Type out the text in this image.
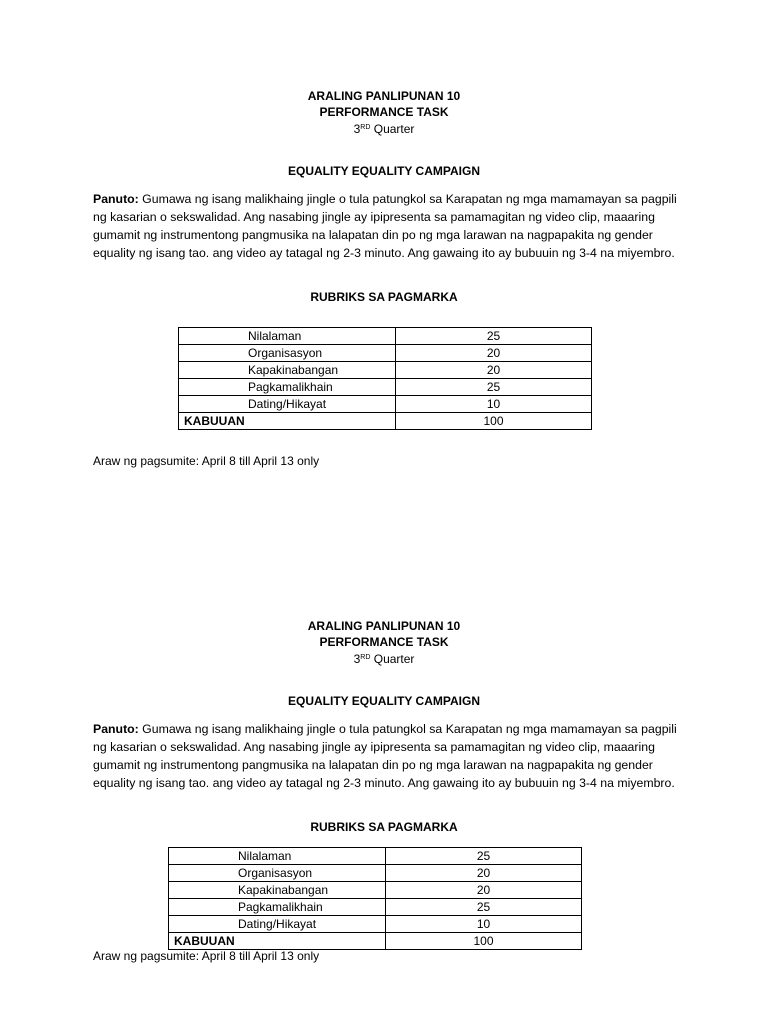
ARALING PANLIPUNAN 10
PERFORMANCE TASK
3RD Quarter
EQUALITY EQUALITY CAMPAIGN
Panuto: Gumawa ng isang malikhaing jingle o tula patungkol sa Karapatan ng mga mamamayan sa pagpili ng kasarian o sekswalidad. Ang nasabing jingle ay ipipresenta sa pamamagitan ng video clip, maaaring gumamit ng instrumentong pangmusika na lalapatan din po ng mga larawan na nagpapakita ng gender equality ng isang tao. ang video ay tatagal ng 2-3 minuto. Ang gawaing ito ay bubuuin ng 3-4 na miyembro.
RUBRIKS SA PAGMARKA
Nilalaman	25
Organisasyon	20
Kapakinabangan	20
Pagkamalikhain	25
Dating/Hikayat	10
KABUUAN	100
Araw ng pagsumite: April 8 till April 13 only
ARALING PANLIPUNAN 10
PERFORMANCE TASK
3RD Quarter
EQUALITY EQUALITY CAMPAIGN
Panuto: Gumawa ng isang malikhaing jingle o tula patungkol sa Karapatan ng mga mamamayan sa pagpili ng kasarian o sekswalidad. Ang nasabing jingle ay ipipresenta sa pamamagitan ng video clip, maaaring gumamit ng instrumentong pangmusika na lalapatan din po ng mga larawan na nagpapakita ng gender equality ng isang tao. ang video ay tatagal ng 2-3 minuto. Ang gawaing ito ay bubuuin ng 3-4 na miyembro.
RUBRIKS SA PAGMARKA
Nilalaman	25
Organisasyon	20
Kapakinabangan	20
Pagkamalikhain	25
Dating/Hikayat	10
KABUUAN	100
Araw ng pagsumite: April 8 till April 13 only
